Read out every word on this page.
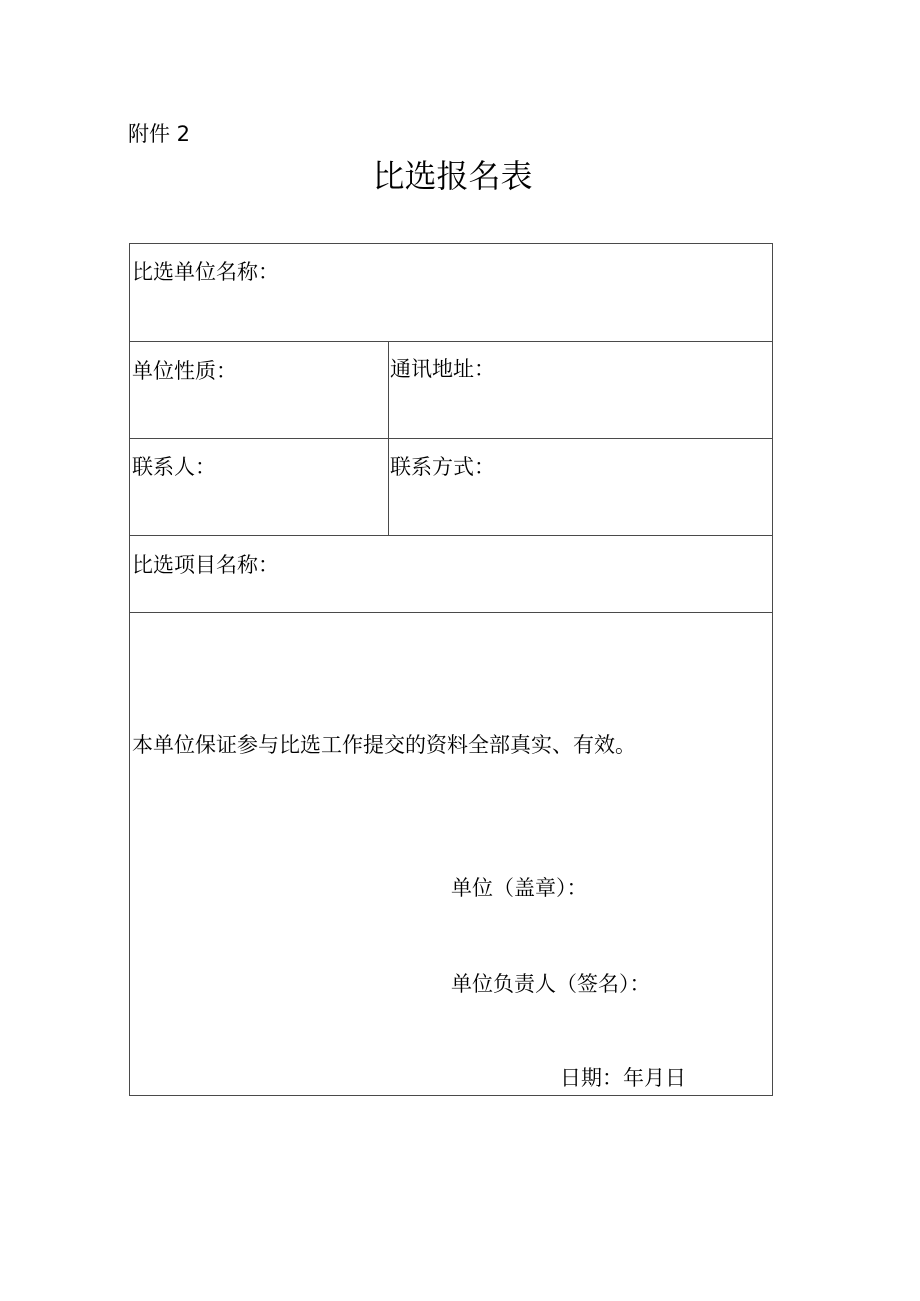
附件 2
比选报名表
比选单位名称：
单位性质：	通讯地址：
联系人：	联系方式：
比选项目名称：
本单位保证参与比选工作提交的资料全部真实、有效。
单位（盖章）：
单位负责人（签名）：
日期：年月日
